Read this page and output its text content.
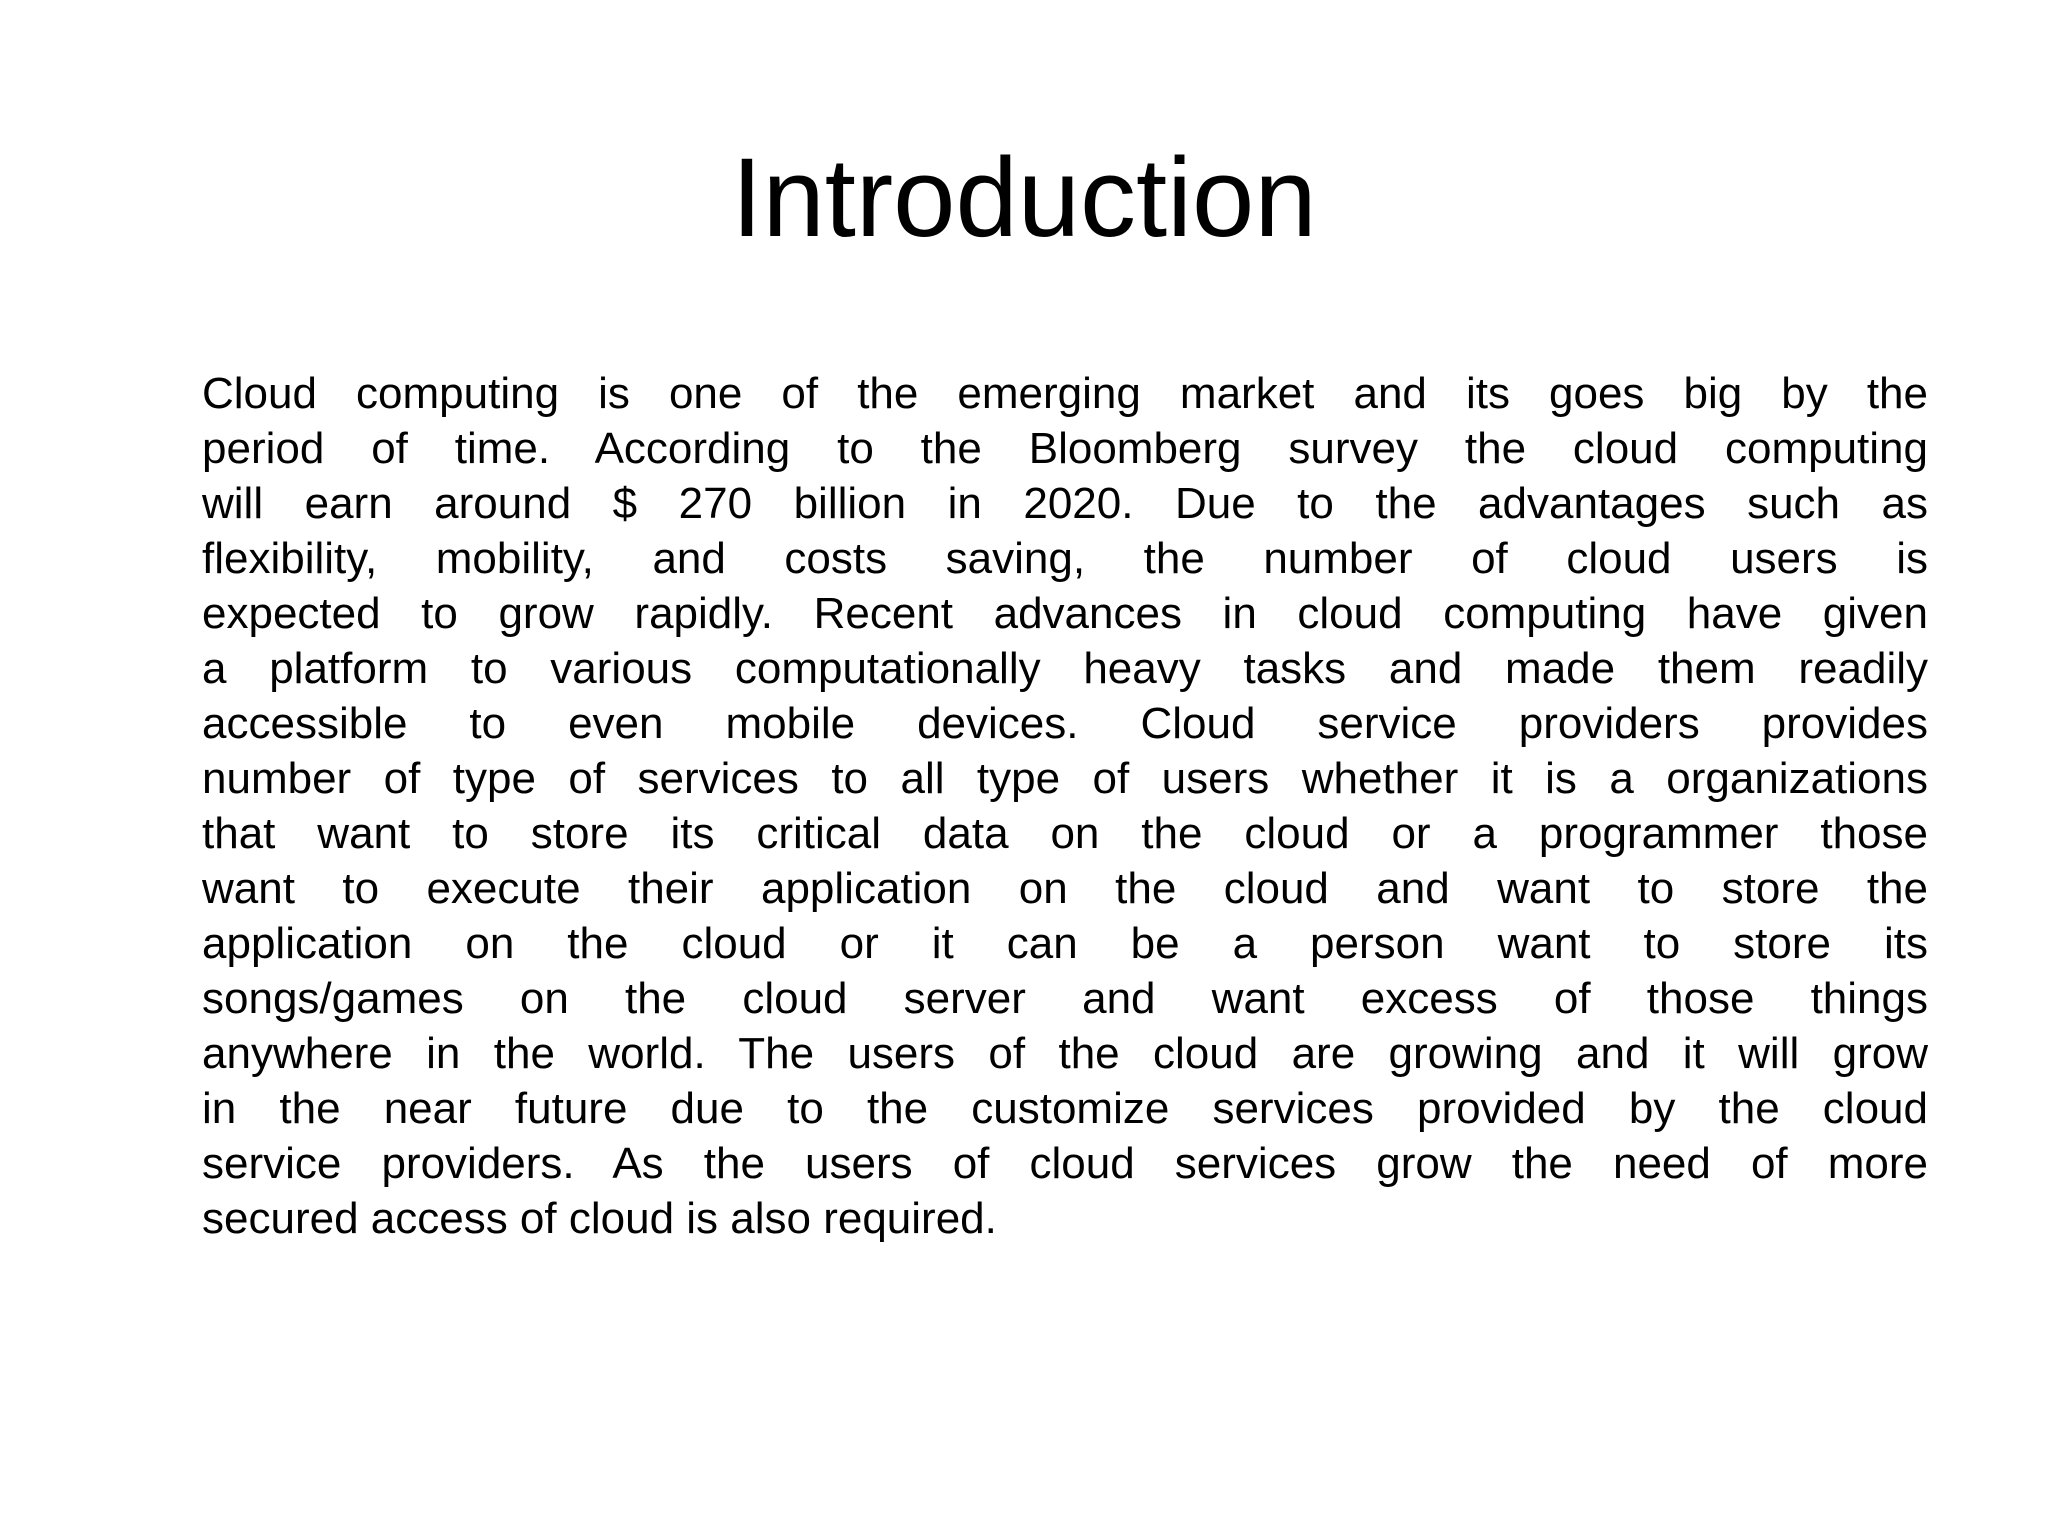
Introduction
Cloud computing is one of the emerging market and its goes big by the
period of time. According to the Bloomberg survey the cloud computing
will earn around $ 270 billion in 2020. Due to the advantages such as
flexibility, mobility, and costs saving, the number of cloud users is
expected to grow rapidly. Recent advances in cloud computing have given
a platform to various computationally heavy tasks and made them readily
accessible to even mobile devices. Cloud service providers provides
number of type of services to all type of users whether it is a organizations
that want to store its critical data on the cloud or a programmer those
want to execute their application on the cloud and want to store the
application on the cloud or it can be a person want to store its
songs/games on the cloud server and want excess of those things
anywhere in the world. The users of the cloud are growing and it will grow
in the near future due to the customize services provided by the cloud
service providers. As the users of cloud services grow the need of more
secured access of cloud is also required.
